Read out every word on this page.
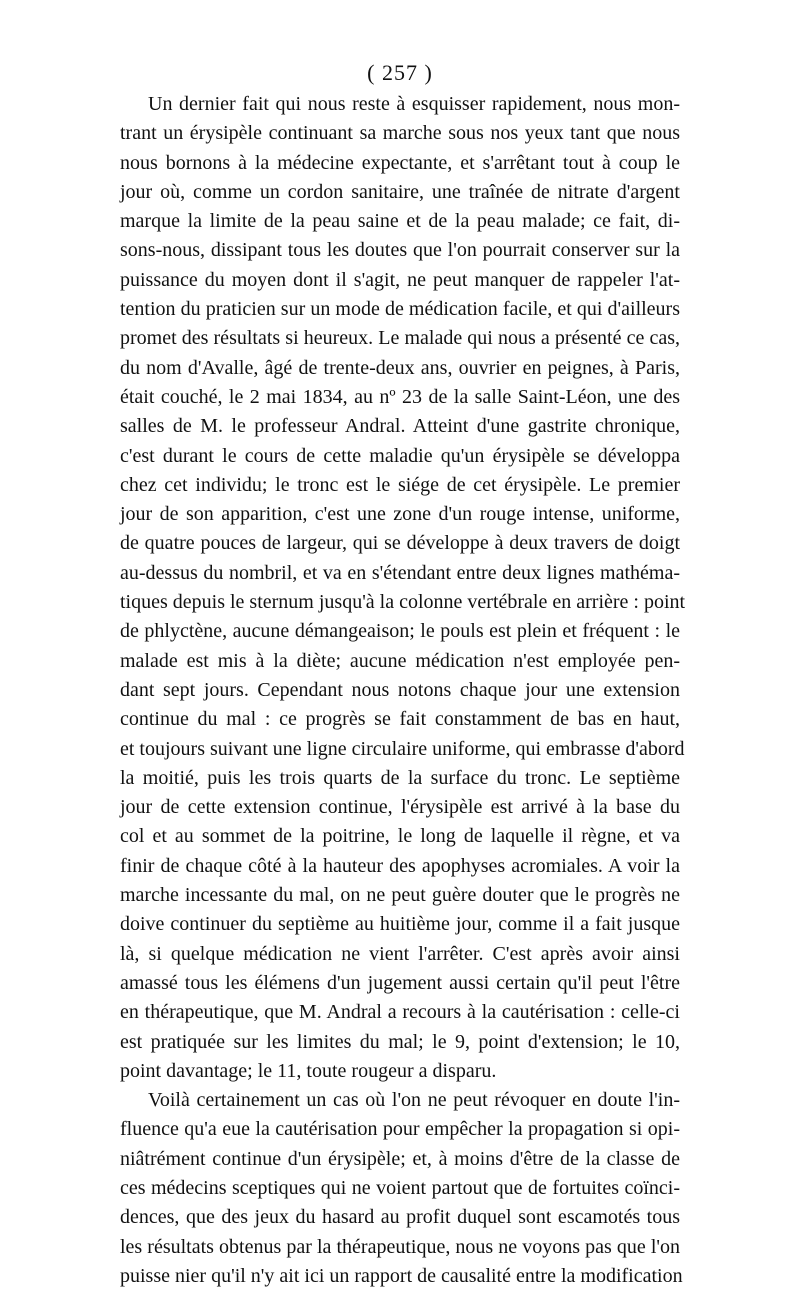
( 257 )
Un dernier fait qui nous reste à esquisser rapidement, nous mon-
trant un érysipèle continuant sa marche sous nos yeux tant que nous
nous bornons à la médecine expectante, et s'arrêtant tout à coup le
jour où, comme un cordon sanitaire, une traînée de nitrate d'argent
marque la limite de la peau saine et de la peau malade; ce fait, di-
sons-nous, dissipant tous les doutes que l'on pourrait conserver sur la
puissance du moyen dont il s'agit, ne peut manquer de rappeler l'at-
tention du praticien sur un mode de médication facile, et qui d'ailleurs
promet des résultats si heureux. Le malade qui nous a présenté ce cas,
du nom d'Avalle, âgé de trente-deux ans, ouvrier en peignes, à Paris,
était couché, le 2 mai 1834, au nº 23 de la salle Saint-Léon, une des
salles de M. le professeur Andral. Atteint d'une gastrite chronique,
c'est durant le cours de cette maladie qu'un érysipèle se développa
chez cet individu; le tronc est le siége de cet érysipèle. Le premier
jour de son apparition, c'est une zone d'un rouge intense, uniforme,
de quatre pouces de largeur, qui se développe à deux travers de doigt
au-dessus du nombril, et va en s'étendant entre deux lignes mathéma-
tiques depuis le sternum jusqu'à la colonne vertébrale en arrière : point
de phlyctène, aucune démangeaison; le pouls est plein et fréquent : le
malade est mis à la diète; aucune médication n'est employée pen-
dant sept jours. Cependant nous notons chaque jour une extension
continue du mal : ce progrès se fait constamment de bas en haut,
et toujours suivant une ligne circulaire uniforme, qui embrasse d'abord
la moitié, puis les trois quarts de la surface du tronc. Le septième
jour de cette extension continue, l'érysipèle est arrivé à la base du
col et au sommet de la poitrine, le long de laquelle il règne, et va
finir de chaque côté à la hauteur des apophyses acromiales. A voir la
marche incessante du mal, on ne peut guère douter que le progrès ne
doive continuer du septième au huitième jour, comme il a fait jusque
là, si quelque médication ne vient l'arrêter. C'est après avoir ainsi
amassé tous les élémens d'un jugement aussi certain qu'il peut l'être
en thérapeutique, que M. Andral a recours à la cautérisation : celle-ci
est pratiquée sur les limites du mal; le 9, point d'extension; le 10,
point davantage; le 11, toute rougeur a disparu.
Voilà certainement un cas où l'on ne peut révoquer en doute l'in-
fluence qu'a eue la cautérisation pour empêcher la propagation si opi-
niâtrément continue d'un érysipèle; et, à moins d'être de la classe de
ces médecins sceptiques qui ne voient partout que de fortuites coïnci-
dences, que des jeux du hasard au profit duquel sont escamotés tous
les résultats obtenus par la thérapeutique, nous ne voyons pas que l'on
puisse nier qu'il n'y ait ici un rapport de causalité entre la modification
